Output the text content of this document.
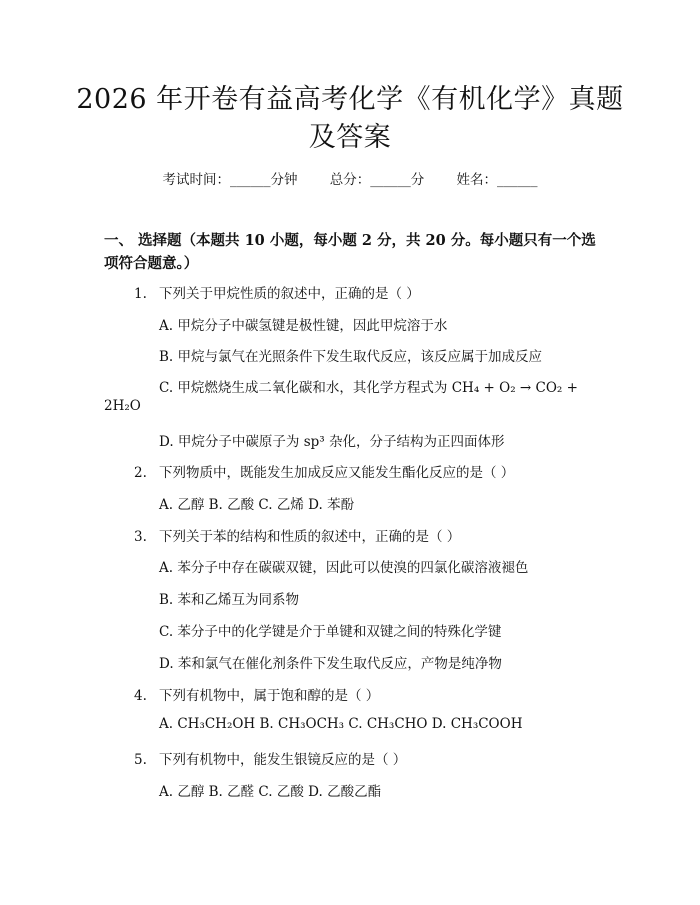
2026 年开卷有益高考化学《有机化学》真题
及答案
考试时间：______分钟 总分：______分 姓名：______
一、 选择题（本题共 10 小题，每小题 2 分，共 20 分。每小题只有一个选项符合题意。）
1. 下列关于甲烷性质的叙述中，正确的是（ ）
A. 甲烷分子中碳氢键是极性键，因此甲烷溶于水
B. 甲烷与氯气在光照条件下发生取代反应，该反应属于加成反应
C. 甲烷燃烧生成二氧化碳和水，其化学方程式为 CH₄ + O₂ → CO₂ +
2H₂O
D. 甲烷分子中碳原子为 sp³ 杂化，分子结构为正四面体形
2. 下列物质中，既能发生加成反应又能发生酯化反应的是（ ）
A. 乙醇 B. 乙酸 C. 乙烯 D. 苯酚
3. 下列关于苯的结构和性质的叙述中，正确的是（ ）
A. 苯分子中存在碳碳双键，因此可以使溴的四氯化碳溶液褪色
B. 苯和乙烯互为同系物
C. 苯分子中的化学键是介于单键和双键之间的特殊化学键
D. 苯和氯气在催化剂条件下发生取代反应，产物是纯净物
4. 下列有机物中，属于饱和醇的是（ ）
A. CH₃CH₂OH B. CH₃OCH₃ C. CH₃CHO D. CH₃COOH
5. 下列有机物中，能发生银镜反应的是（ ）
A. 乙醇 B. 乙醛 C. 乙酸 D. 乙酸乙酯
